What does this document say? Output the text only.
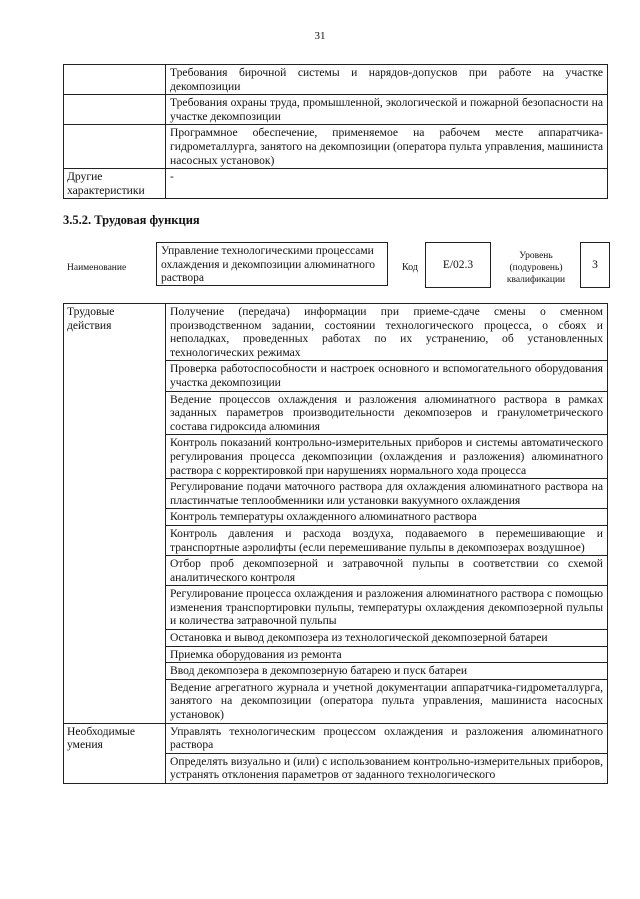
31
	Требования бирочной системы и нарядов-допусков при работе на участке декомпозиции
	Требования охраны труда, промышленной, экологической и пожарной безопасности на участке декомпозиции
	Программное обеспечение, применяемое на рабочем месте аппаратчика-гидрометаллурга, занятого на декомпозиции (оператора пульта управления, машиниста насосных установок)
Другие характеристики	-
3.5.2. Трудовая функция
Наименование
Управление технологическими процессами охлаждения и декомпозиции алюминатного раствора
Код	E/02.3
Уровень (подуровень) квалификации
3
Трудовые действия	Получение (передача) информации при приеме-сдаче смены о сменном производственном задании, состоянии технологического процесса, о сбоях и неполадках, проведенных работах по их устранению, об установленных технологических режимах
	Проверка работоспособности и настроек основного и вспомогательного оборудования участка декомпозиции
	Ведение процессов охлаждения и разложения алюминатного раствора в рамках заданных параметров производительности декомпозеров и гранулометрического состава гидроксида алюминия
	Контроль показаний контрольно-измерительных приборов и системы автоматического регулирования процесса декомпозиции (охлаждения и разложения) алюминатного раствора с корректировкой при нарушениях нормального хода процесса
	Регулирование подачи маточного раствора для охлаждения алюминатного раствора на пластинчатые теплообменники или установки вакуумного охлаждения
	Контроль температуры охлажденного алюминатного раствора
	Контроль давления и расхода воздуха, подаваемого в перемешивающие и транспортные аэролифты (если перемешивание пульпы в декомпозерах воздушное)
	Отбор проб декомпозерной и затравочной пульпы в соответствии со схемой аналитического контроля
	Регулирование процесса охлаждения и разложения алюминатного раствора с помощью изменения транспортировки пульпы, температуры охлаждения декомпозерной пульпы и количества затравочной пульпы
	Остановка и вывод декомпозера из технологической декомпозерной батареи
	Приемка оборудования из ремонта
	Ввод декомпозера в декомпозерную батарею и пуск батареи
	Ведение агрегатного журнала и учетной документации аппаратчика-гидрометаллурга, занятого на декомпозиции (оператора пульта управления, машиниста насосных установок)
Необходимые умения	Управлять технологическим процессом охлаждения и разложения алюминатного раствора
	Определять визуально и (или) с использованием контрольно-измерительных приборов, устранять отклонения параметров от заданного технологического
